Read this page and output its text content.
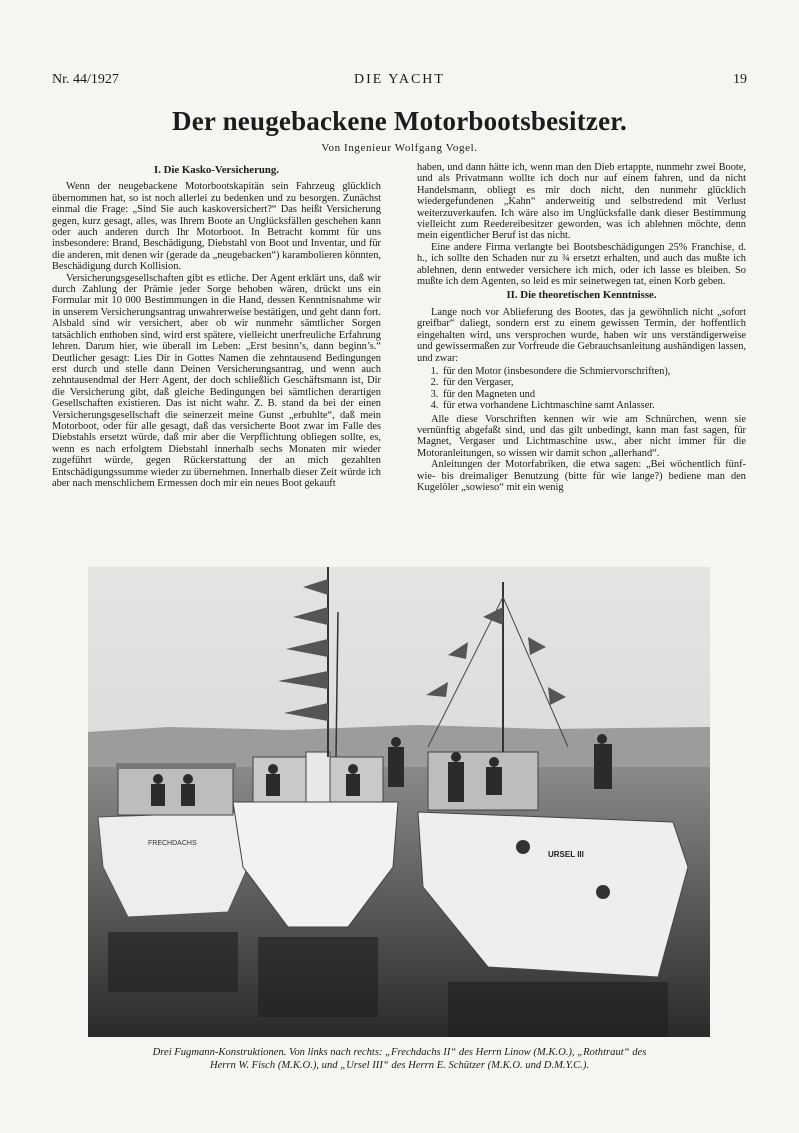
Nr. 44/1927	DIE YACHT	19
Der neugebackene Motorbootsbesitzer.
Von Ingenieur Wolfgang Vogel.
I. Die Kasko-Versicherung.

Wenn der neugebackene Motorbootskapitän sein Fahrzeug glücklich übernommen hat, so ist noch allerlei zu bedenken und zu besorgen. Zunächst einmal die Frage: „Sind Sie auch kaskoversichert?“ Das heißt Versicherung gegen, kurz gesagt, alles, was Ihrem Boote an Unglücksfällen geschehen kann oder auch anderen durch Ihr Motorboot. In Betracht kommt für uns insbesondere: Brand, Beschädigung, Diebstahl von Boot und Inventar, und für die anderen, mit denen wir (gerade da „neugebacken“) karambolieren könnten, Beschädigung durch Kollision.

Versicherungsgesellschaften gibt es etliche. Der Agent erklärt uns, daß wir durch Zahlung der Prämie jeder Sorge behoben wären, drückt uns ein Formular mit 10 000 Bestimmungen in die Hand, dessen Kenntnisnahme wir in unserem Versicherungsantrag unwahrerweise bestätigen, und geht dann fort. Alsbald sind wir versichert, aber ob wir nunmehr sämtlicher Sorgen tatsächlich enthoben sind, wird erst spätere, vielleicht unerfreuliche Erfahrung lehren. Darum hier, wie überall im Leben: „Erst besinn’s, dann beginn’s.“ Deutlicher gesagt: Lies Dir in Gottes Namen die zehntausend Bedingungen erst durch und stelle dann Deinen Versicherungsantrag, und wenn auch zehntausendmal der Herr Agent, der doch schließlich Geschäftsmann ist, Dir die Versicherung gibt, daß gleiche Bedingungen bei sämtlichen derartigen Gesellschaften existieren. Das ist nicht wahr. Z. B. stand da bei der einen Versicherungsgesellschaft die seinerzeit meine Gunst „erbuhlte“, daß mein Motorboot, oder für alle gesagt, daß das versicherte Boot zwar im Falle des Diebstahls ersetzt würde, daß mir aber die Verpflichtung obliegen sollte, es, wenn es nach erfolgtem Diebstahl innerhalb sechs Monaten mir wieder zugeführt würde, gegen Rückerstattung der an mich gezahlten Entschädigungssumme wieder zu übernehmen. Innerhalb dieser Zeit würde ich aber nach menschlichem Ermessen doch mir ein neues Boot gekauft

haben, und dann hätte ich, wenn man den Dieb ertappte, nunmehr zwei Boote, und als Privatmann wollte ich doch nur auf einem fahren, und da nicht Handelsmann, obliegt es mir doch nicht, den nunmehr glücklich wiedergefundenen „Kahn“ anderweitig und selbstredend mit Verlust weiterzuverkaufen. Ich wäre also im Unglücksfalle dank dieser Bestimmung vielleicht zum Reedereibesitzer geworden, was ich ablehnen möchte, denn mein eigentlicher Beruf ist das nicht.

Eine andere Firma verlangte bei Bootsbeschädigungen 25% Franchise, d. h., ich sollte den Schaden nur zu ¾ ersetzt erhalten, und auch das mußte ich ablehnen, denn entweder versichere ich mich, oder ich lasse es bleiben. So mußte ich dem Agenten, so leid es mir seinetwegen tat, einen Korb geben.

II. Die theoretischen Kenntnisse.

Lange noch vor Ablieferung des Bootes, das ja gewöhnlich nicht „sofort greifbar“ daliegt, sondern erst zu einem gewissen Termin, der hoffentlich eingehalten wird, uns versprochen wurde, haben wir uns verständigerweise und gewissermaßen zur Vorfreude die Gebrauchsanleitung aushändigen lassen, und zwar:

1. für den Motor (insbesondere die Schmiervorschriften),
2. für den Vergaser,
3. für den Magneten und
4. für etwa vorhandene Lichtmaschine samt Anlasser.

Alle diese Vorschriften kennen wir wie am Schnürchen, wenn sie vernünftig abgefaßt sind, und das gilt unbedingt, kann man fast sagen, für Magnet, Vergaser und Lichtmaschine usw., aber nicht immer für die Motoranleitungen, so wissen wir damit schon „allerhand“.

Anleitungen der Motorfabriken, die etwa sagen: „Bei wöchentlich fünf- wie- bis dreimaliger Benutzung (bitte für wie lange?) bediene man den Kugelöler „sowieso“ mit ein wenig

FRECHDACHS
URSEL III
Drei Fugmann-Konstruktionen. Von links nach rechts: „Frechdachs II“ des Herrn Linow (M.K.O.), „Rothtraut“ des
Herrn W. Fisch (M.K.O.), und „Ursel III“ des Herrn E. Schützer (M.K.O. und D.M.Y.C.).
